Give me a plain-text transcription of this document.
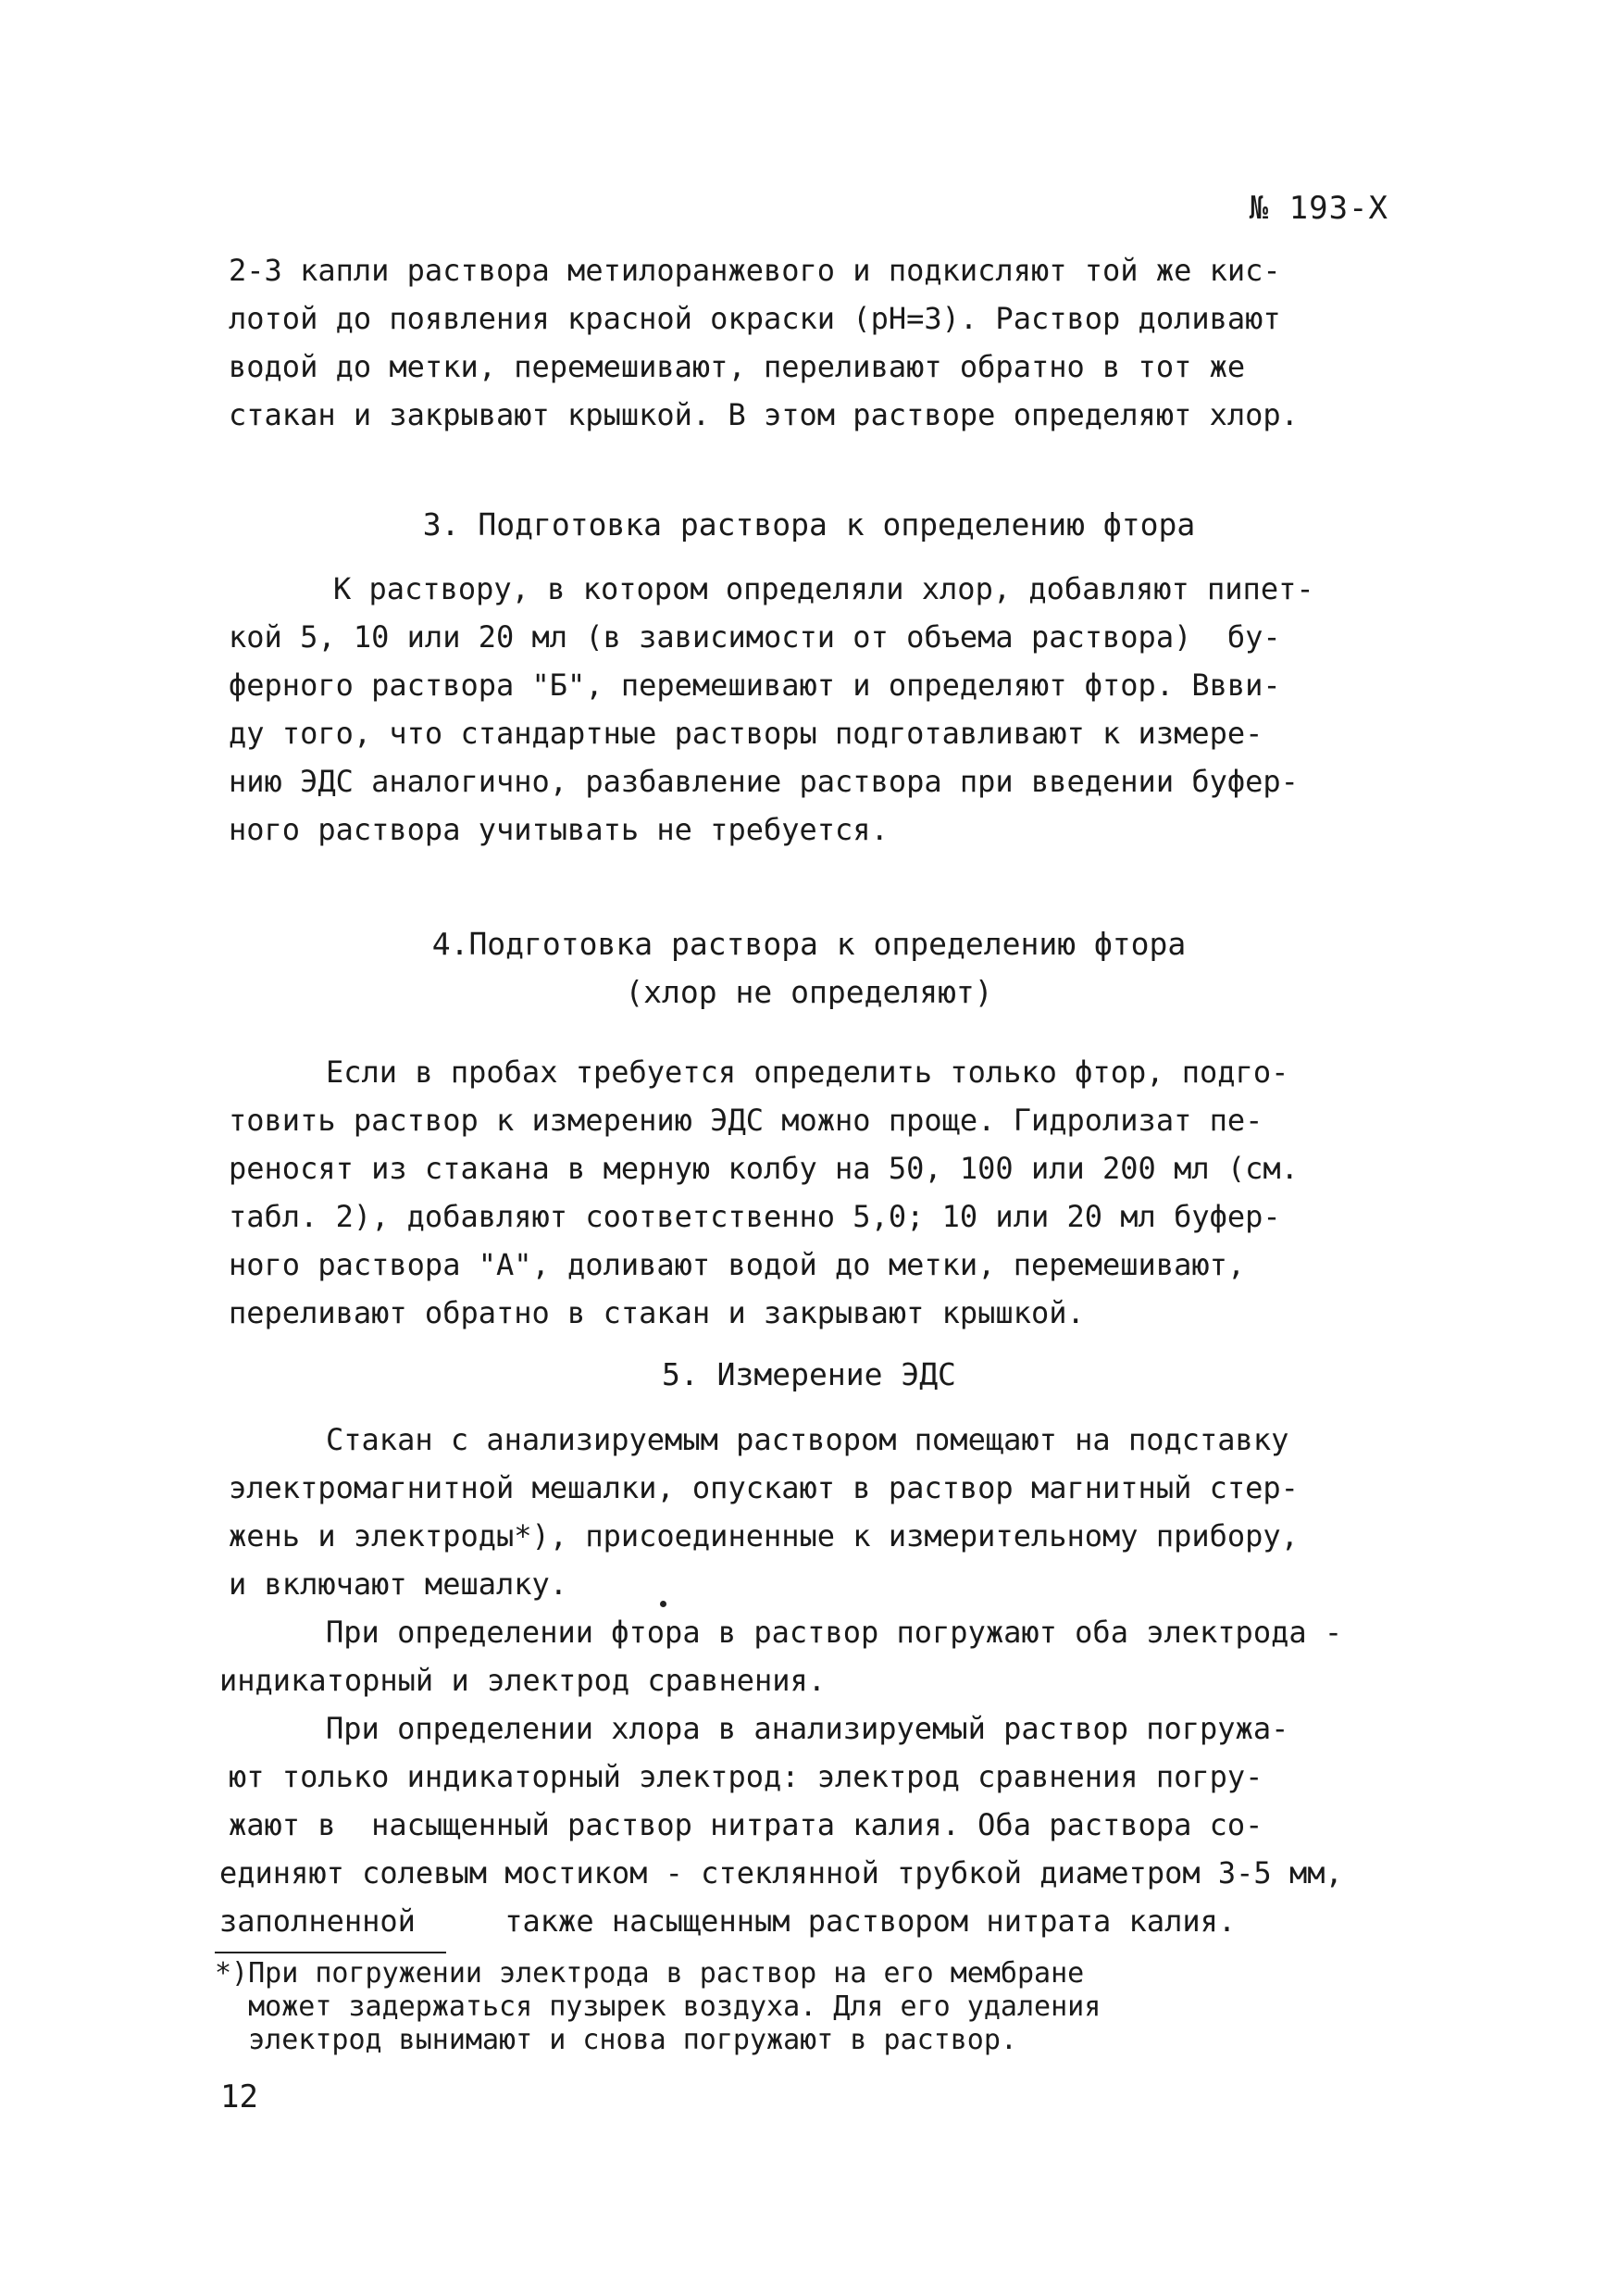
№ 193-Х
2-3 капли раствора метилоранжевого и подкисляют той же кис-
лотой до появления красной окраски (pH=3). Раствор доливают
водой до метки, перемешивают, переливают обратно в тот же
стакан и закрывают крышкой. В этом растворе определяют хлор.
3. Подготовка раствора к определению фтора
К раствору, в котором определяли хлор, добавляют пипет-
кой 5, 10 или 20 мл (в зависимости от объема раствора)  бу-
ферного раствора "Б", перемешивают и определяют фтор. Ввви-
ду того, что стандартные растворы подготавливают к измере-
нию ЭДС аналогично, разбавление раствора при введении буфер-
ного раствора учитывать не требуется.
4.Подготовка раствора к определению фтора
(хлор не определяют)
Если в пробах требуется определить только фтор, подго-
товить раствор к измерению ЭДС можно проще. Гидролизат пе-
реносят из стакана в мерную колбу на 50, 100 или 200 мл (см.
табл. 2), добавляют соответственно 5,0; 10 или 20 мл буфер-
ного раствора "А", доливают водой до метки, перемешивают,
переливают обратно в стакан и закрывают крышкой.
5. Измерение ЭДС
Стакан с анализируемым раствором помещают на подставку
электромагнитной мешалки, опускают в раствор магнитный стер-
жень и электроды*), присоединенные к измерительному прибору,
и включают мешалку.
При определении фтора в раствор погружают оба электрода -
индикаторный и электрод сравнения.
При определении хлора в анализируемый раствор погружа-
ют только индикаторный электрод: электрод сравнения погру-
жают в  насыщенный раствор нитрата калия. Оба раствора со-
единяют солевым мостиком - стеклянной трубкой диаметром 3-5 мм,
заполненной     также насыщенным раствором нитрата калия.
*)При погружении электрода в раствор на его мембране
может задержаться пузырек воздуха. Для его удаления
электрод вынимают и снова погружают в раствор.
12
